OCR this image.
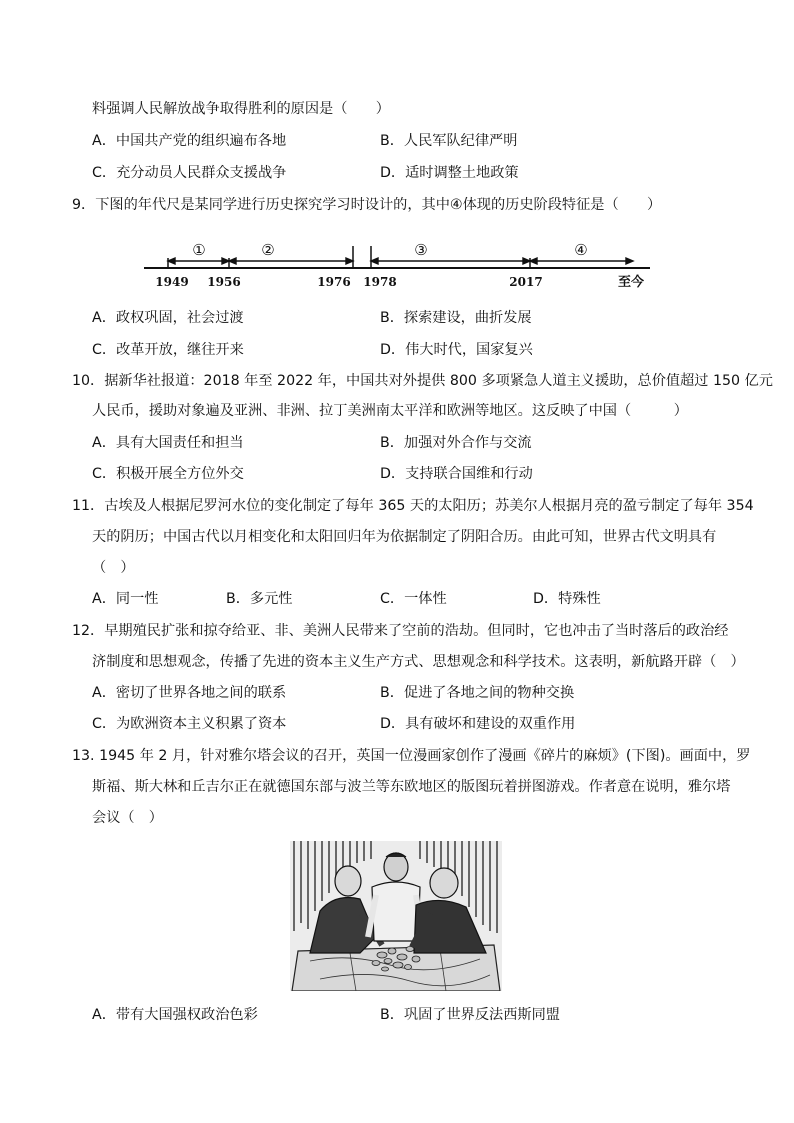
料强调人民解放战争取得胜利的原因是（　　）
A．中国共产党的组织遍布各地	B．人民军队纪律严明
C．充分动员人民群众支援战争	D．适时调整土地政策
9．下图的年代尺是某同学进行历史探究学习时设计的，其中④体现的历史阶段特征是（　　）
①	②	③	④
1949 1956	1976 1978	2017	至今
A．政权巩固，社会过渡	B．探索建设，曲折发展
C．改革开放，继往开来	D．伟大时代，国家复兴
10．据新华社报道：2018 年至 2022 年，中国共对外提供 800 多项紧急人道主义援助，总价值超过 150 亿元
人民币，援助对象遍及亚洲、非洲、拉丁美洲南太平洋和欧洲等地区。这反映了中国（　　　）
A．具有大国责任和担当	B．加强对外合作与交流
C．积极开展全方位外交	D．支持联合国维和行动
11．古埃及人根据尼罗河水位的变化制定了每年 365 天的太阳历；苏美尔人根据月亮的盈亏制定了每年 354
天的阴历；中国古代以月相变化和太阳回归年为依据制定了阴阳合历。由此可知，世界古代文明具有
（　）
A．同一性	B．多元性	C．一体性	D．特殊性
12．早期殖民扩张和掠夺给亚、非、美洲人民带来了空前的浩劫。但同时，它也冲击了当时落后的政治经
济制度和思想观念，传播了先进的资本主义生产方式、思想观念和科学技术。这表明，新航路开辟（　）
A．密切了世界各地之间的联系	B．促进了各地之间的物种交换
C．为欧洲资本主义积累了资本	D．具有破坏和建设的双重作用
13. 1945 年 2 月，针对雅尔塔会议的召开，英国一位漫画家创作了漫画《碎片的麻烦》(下图)。画面中，罗
斯福、斯大林和丘吉尔正在就德国东部与波兰等东欧地区的版图玩着拼图游戏。作者意在说明，雅尔塔
会议（　）
A．带有大国强权政治色彩	B．巩固了世界反法西斯同盟
